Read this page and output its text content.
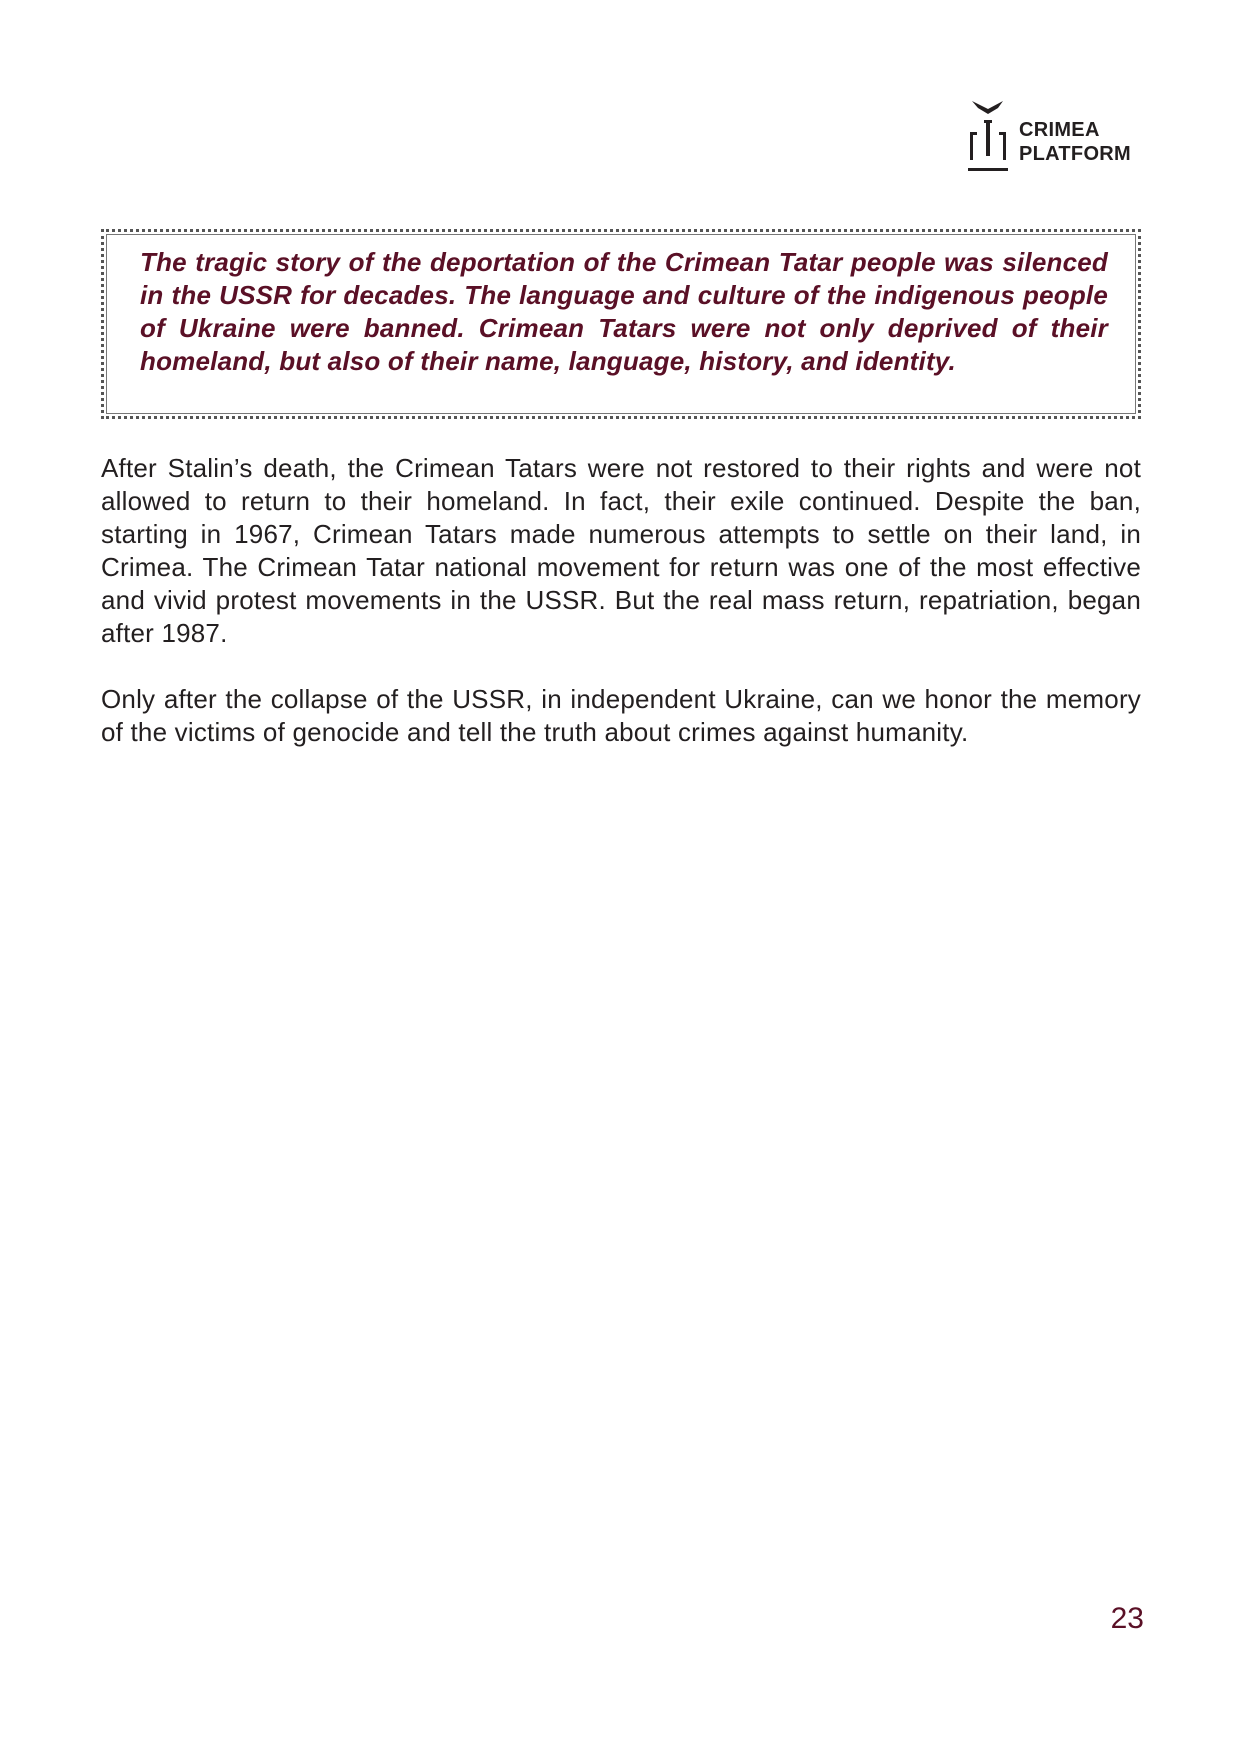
CRIMEA
PLATFORM
The tragic story of the deportation of the Crimean Tatar people was silenced in the USSR for decades. The language and culture of the indigenous people of Ukraine were banned. Crimean Tatars were not only deprived of their homeland, but also of their name, language, history, and identity.

After Stalin’s death, the Crimean Tatars were not restored to their rights and were not allowed to return to their homeland. In fact, their exile continued. Despite the ban, starting in 1967, Crimean Tatars made numerous attempts to settle on their land, in Crimea. The Crimean Tatar national movement for return was one of the most effective and vivid protest movements in the USSR. But the real mass return, repatriation, began after 1987.

Only after the collapse of the USSR, in independent Ukraine, can we honor the memory of the victims of genocide and tell the truth about crimes against humanity.

23
